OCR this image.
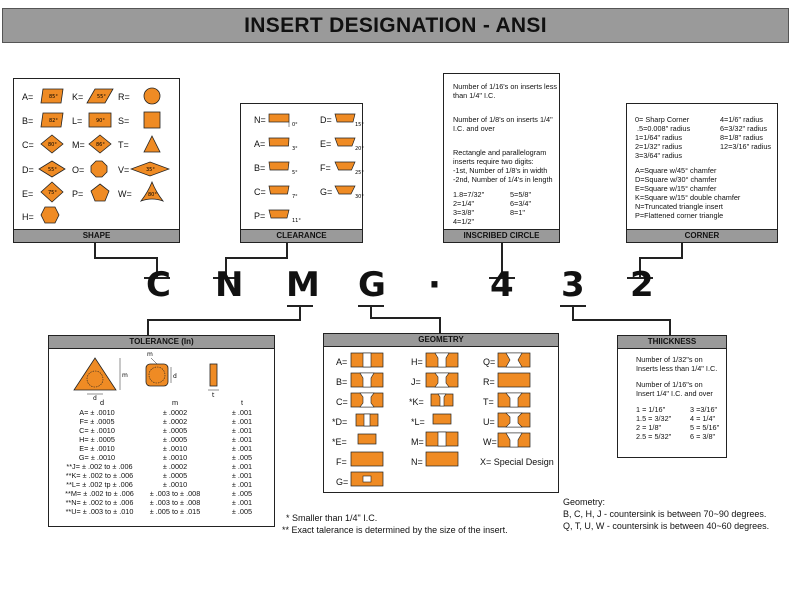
INSERT DESIGNATION - ANSI
SHAPE
A=	85° K=	55° R=
B=	82° L=	90° S=
C=	80° M= 86° T=
D=	55° O=	V=	35°
E=	75° P=	W=	80°
H=
CLEARANCE
N=	0° D=	15°
A=	3° E=	20°
B=	5° F=	25°
C=	7° G=	30°
P=	11°
INSCRIBED CIRCLE
Number of 1/16's on inserts less
than 1/4" I.C.
Number of 1/8's on inserts 1/4"
I.C. and over
Rectangle and parallelogram
inserts require two digits:
-1st, Number of 1/8's in width
-2nd, Number of 1/4's in length
1.8=7/32"
2=1/4"
3=3/8"
4=1/2"
5=5/8"
6=3/4"
8=1"
CORNER
0= Sharp Corner
.5=0.008" radius
1=1/64" radius
2=1/32" radius
3=3/64" radius
4=1/6" radius
6=3/32" radius
8=1/8" radius
12=3/16" radius
A=Square w/45° chamfer
D=Square w/30° chamfer
E=Square w/15° chamfer
K=Square w/15° double chamfer
N=Truncated triangle insert
P=Flattened corner triangle
C N M G · 4 3 2
TOLERANCE (In)
d
m
m
d
t
d	m	t
A= ± .0010	± .0002	± .001
F= ± .0005	± .0002	± .001
C= ± .0010	± .0005	± .001
H= ± .0005	± .0005	± .001
E= ± .0010	± .0010	± .001
G= ± .0010	± .0010	± .005
**J= ± .002 to ± .006	± .0002	± .001
**K= ± .002 to ± .006	± .0005	± .001
**L= ± .002 tp ± .006	± .0010	± .001
**M= ± .002 to ± .006	± .003 to ± .008	± .005
**N= ± .002 to ± .006	± .003 to ± .008	± .001
**U= ± .003 to ± .010	± .005 to ± .015	± .005
GEOMETRY
A=
B=
C=
*D=
*E=
F=
G=
H=
J=
*K=
*L=
M=
N=
Q=
R=
T=
U=
W=
X= Special Design
THIICKNESS
Number of 1/32"s on
Inserts less than 1/4" I.C.
Number of 1/16"s on
Insert 1/4" I.C. and over
1 = 1/16"
1.5 = 3/32"
2 = 1/8"
2.5 = 5/32"
3 =3/16"
4 = 1/4"
5 = 5/16"
6 = 3/8"
* Smaller than 1/4" I.C.
** Exact talerance is determined by the size of the insert.
Geometry:
B, C, H, J - countersink is between 70~90 degrees.
Q, T, U, W - countersink is between 40~60 degrees.
